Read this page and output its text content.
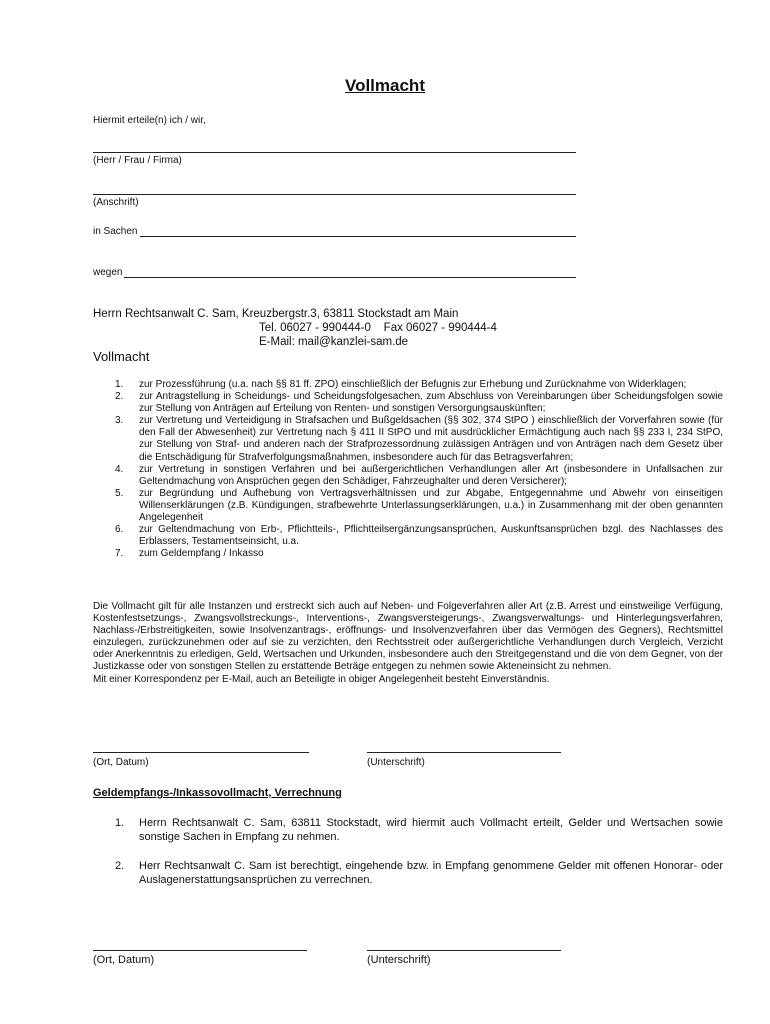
Vollmacht
Hiermit erteile(n) ich / wir,
(Herr / Frau / Firma)
(Anschrift)
in Sachen
wegen
Herrn Rechtsanwalt C. Sam, Kreuzbergstr.3, 63811 Stockstadt am Main
Tel. 06027 - 990444-0    Fax 06027 - 990444-4
E-Mail: mail@kanzlei-sam.de
Vollmacht
1. zur Prozessführung (u.a. nach §§ 81 ff. ZPO) einschließlich der Befugnis zur Erhebung und Zurücknahme von Widerklagen;
2. zur Antragstellung in Scheidungs- und Scheidungsfolgesachen, zum Abschluss von Vereinbarungen über Scheidungsfolgen sowie zur Stellung von Anträgen auf Erteilung von Renten- und sonstigen Versorgungsauskünften;
3. zur Vertretung und Verteidigung in Strafsachen und Bußgeldsachen (§§ 302, 374 StPO ) einschließlich der Vorverfahren sowie (für den Fall der Abwesenheit) zur Vertretung nach § 411 II StPO und mit ausdrücklicher Ermächtigung auch nach §§ 233 I, 234 StPO, zur Stellung von Straf- und anderen nach der Strafprozessordnung zulässigen Anträgen und von Anträgen nach dem Gesetz über die Entschädigung für Strafverfolgungsmaßnahmen, insbesondere auch für das Betragsverfahren;
4. zur Vertretung in sonstigen Verfahren und bei außergerichtlichen Verhandlungen aller Art (insbesondere in Unfallsachen zur Geltendmachung von Ansprüchen gegen den Schädiger, Fahrzeughalter und deren Versicherer);
5. zur Begründung und Aufhebung von Vertragsverhältnissen und zur Abgabe, Entgegennahme und Abwehr von einseitigen Willenserklärungen (z.B. Kündigungen, strafbewehrte Unterlassungserklärungen, u.a.) in Zusammenhang mit der oben genannten Angelegenheit
6. zur Geltendmachung von Erb-, Pflichtteils-, Pflichtteilsergänzungsansprüchen, Auskunftsansprüchen bzgl. des Nachlasses des Erblassers, Testamentseinsicht, u.a.
7. zum Geldempfang / Inkasso
Die Vollmacht gilt für alle Instanzen und erstreckt sich auch auf Neben- und Folgeverfahren aller Art (z.B. Arrest und einstweilige Verfügung, Kostenfestsetzungs-, Zwangsvollstreckungs-, Interventions-, Zwangsversteigerungs-, Zwangsverwaltungs- und Hinterlegungsverfahren, Nachlass-/Erbstreitigkeiten, sowie Insolvenzantrags-, eröffnungs- und Insolvenzverfahren über das Vermögen des Gegners), Rechtsmittel einzulegen, zurückzunehmen oder auf sie zu verzichten, den Rechtsstreit oder außergerichtliche Verhandlungen durch Vergleich, Verzicht oder Anerkenntnis zu erledigen, Geld, Wertsachen und Urkunden, insbesondere auch den Streitgegenstand und die von dem Gegner, von der Justizkasse oder von sonstigen Stellen zu erstattende Beträge entgegen zu nehmen sowie Akteneinsicht zu nehmen.
Mit einer Korrespondenz per E-Mail, auch an Beteiligte in obiger Angelegenheit besteht Einverständnis.
(Ort, Datum)	(Unterschrift)
Geldempfangs-/Inkassovollmacht, Verrechnung
1. Herrn Rechtsanwalt C. Sam, 63811 Stockstadt, wird hiermit auch Vollmacht erteilt, Gelder und Wertsachen sowie sonstige Sachen in Empfang zu nehmen.
2. Herr Rechtsanwalt C. Sam ist berechtigt, eingehende bzw. in Empfang genommene Gelder mit offenen Honorar- oder Auslagenerstattungsansprüchen zu verrechnen.
(Ort, Datum)	(Unterschrift)
